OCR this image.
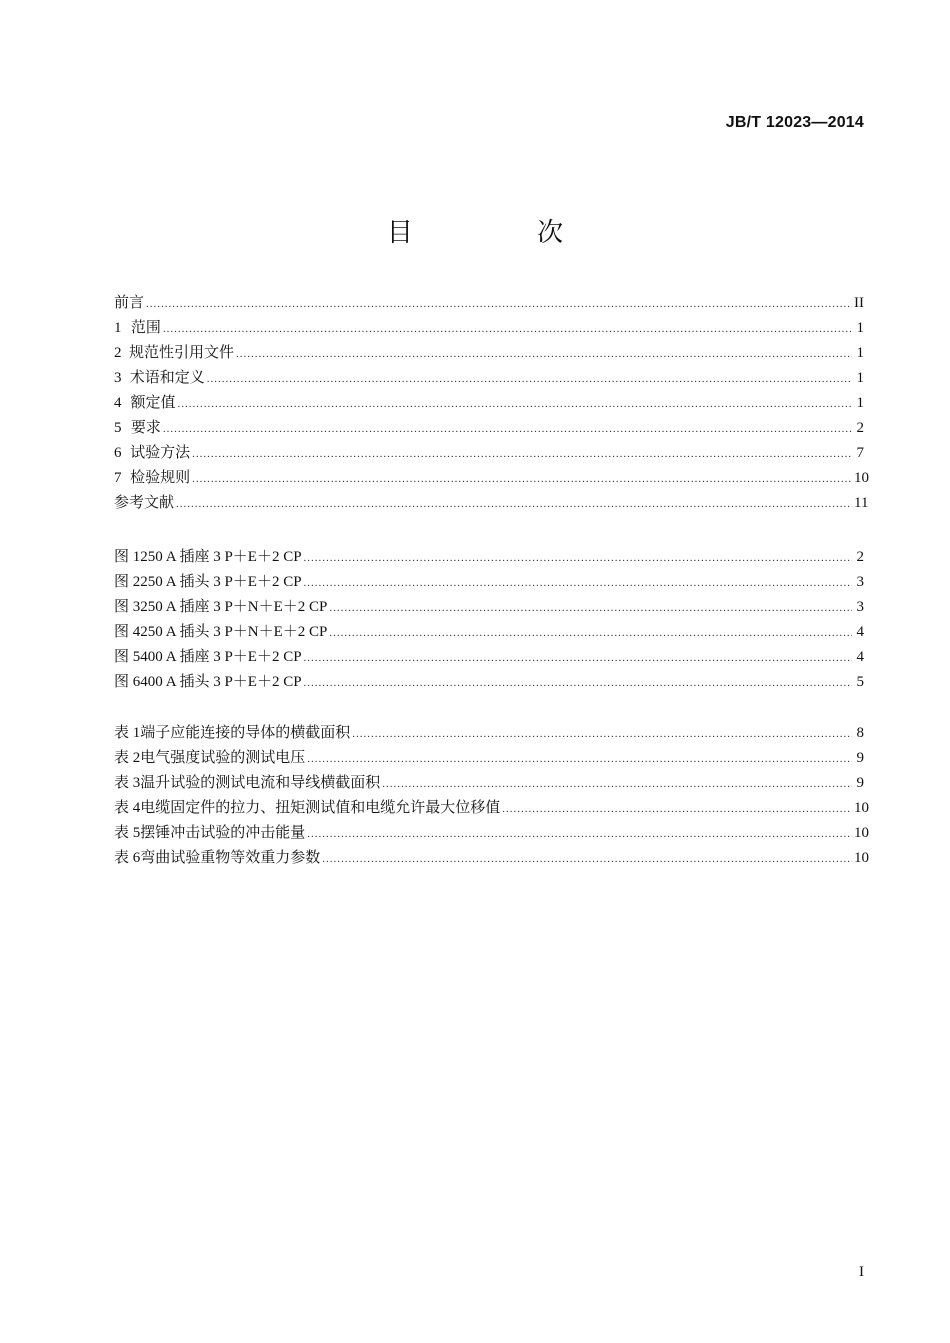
JB/T 12023—2014
目 次
前言 .....	II
1 范围 .....	1
2 规范性引用文件 .....	1
3 术语和定义 .....	1
4 额定值 .....	1
5 要求 .....	2
6 试验方法 .....	7
7 检验规则 .....	10
参考文献 .....	11
图 1 250 A 插座 3 P＋E＋2 CP .....	2
图 2 250 A 插头 3 P＋E＋2 CP .....	3
图 3 250 A 插座 3 P＋N＋E＋2 CP .....	3
图 4 250 A 插头 3 P＋N＋E＋2 CP .....	4
图 5 400 A 插座 3 P＋E＋2 CP .....	4
图 6 400 A 插头 3 P＋E＋2 CP .....	5
表 1 端子应能连接的导体的横截面积 .....	8
表 2 电气强度试验的测试电压 .....	9
表 3 温升试验的测试电流和导线横截面积 .....	9
表 4 电缆固定件的拉力、扭矩测试值和电缆允许最大位移值 .....	10
表 5 摆锤冲击试验的冲击能量 .....	10
表 6 弯曲试验重物等效重力参数 .....	10
I
